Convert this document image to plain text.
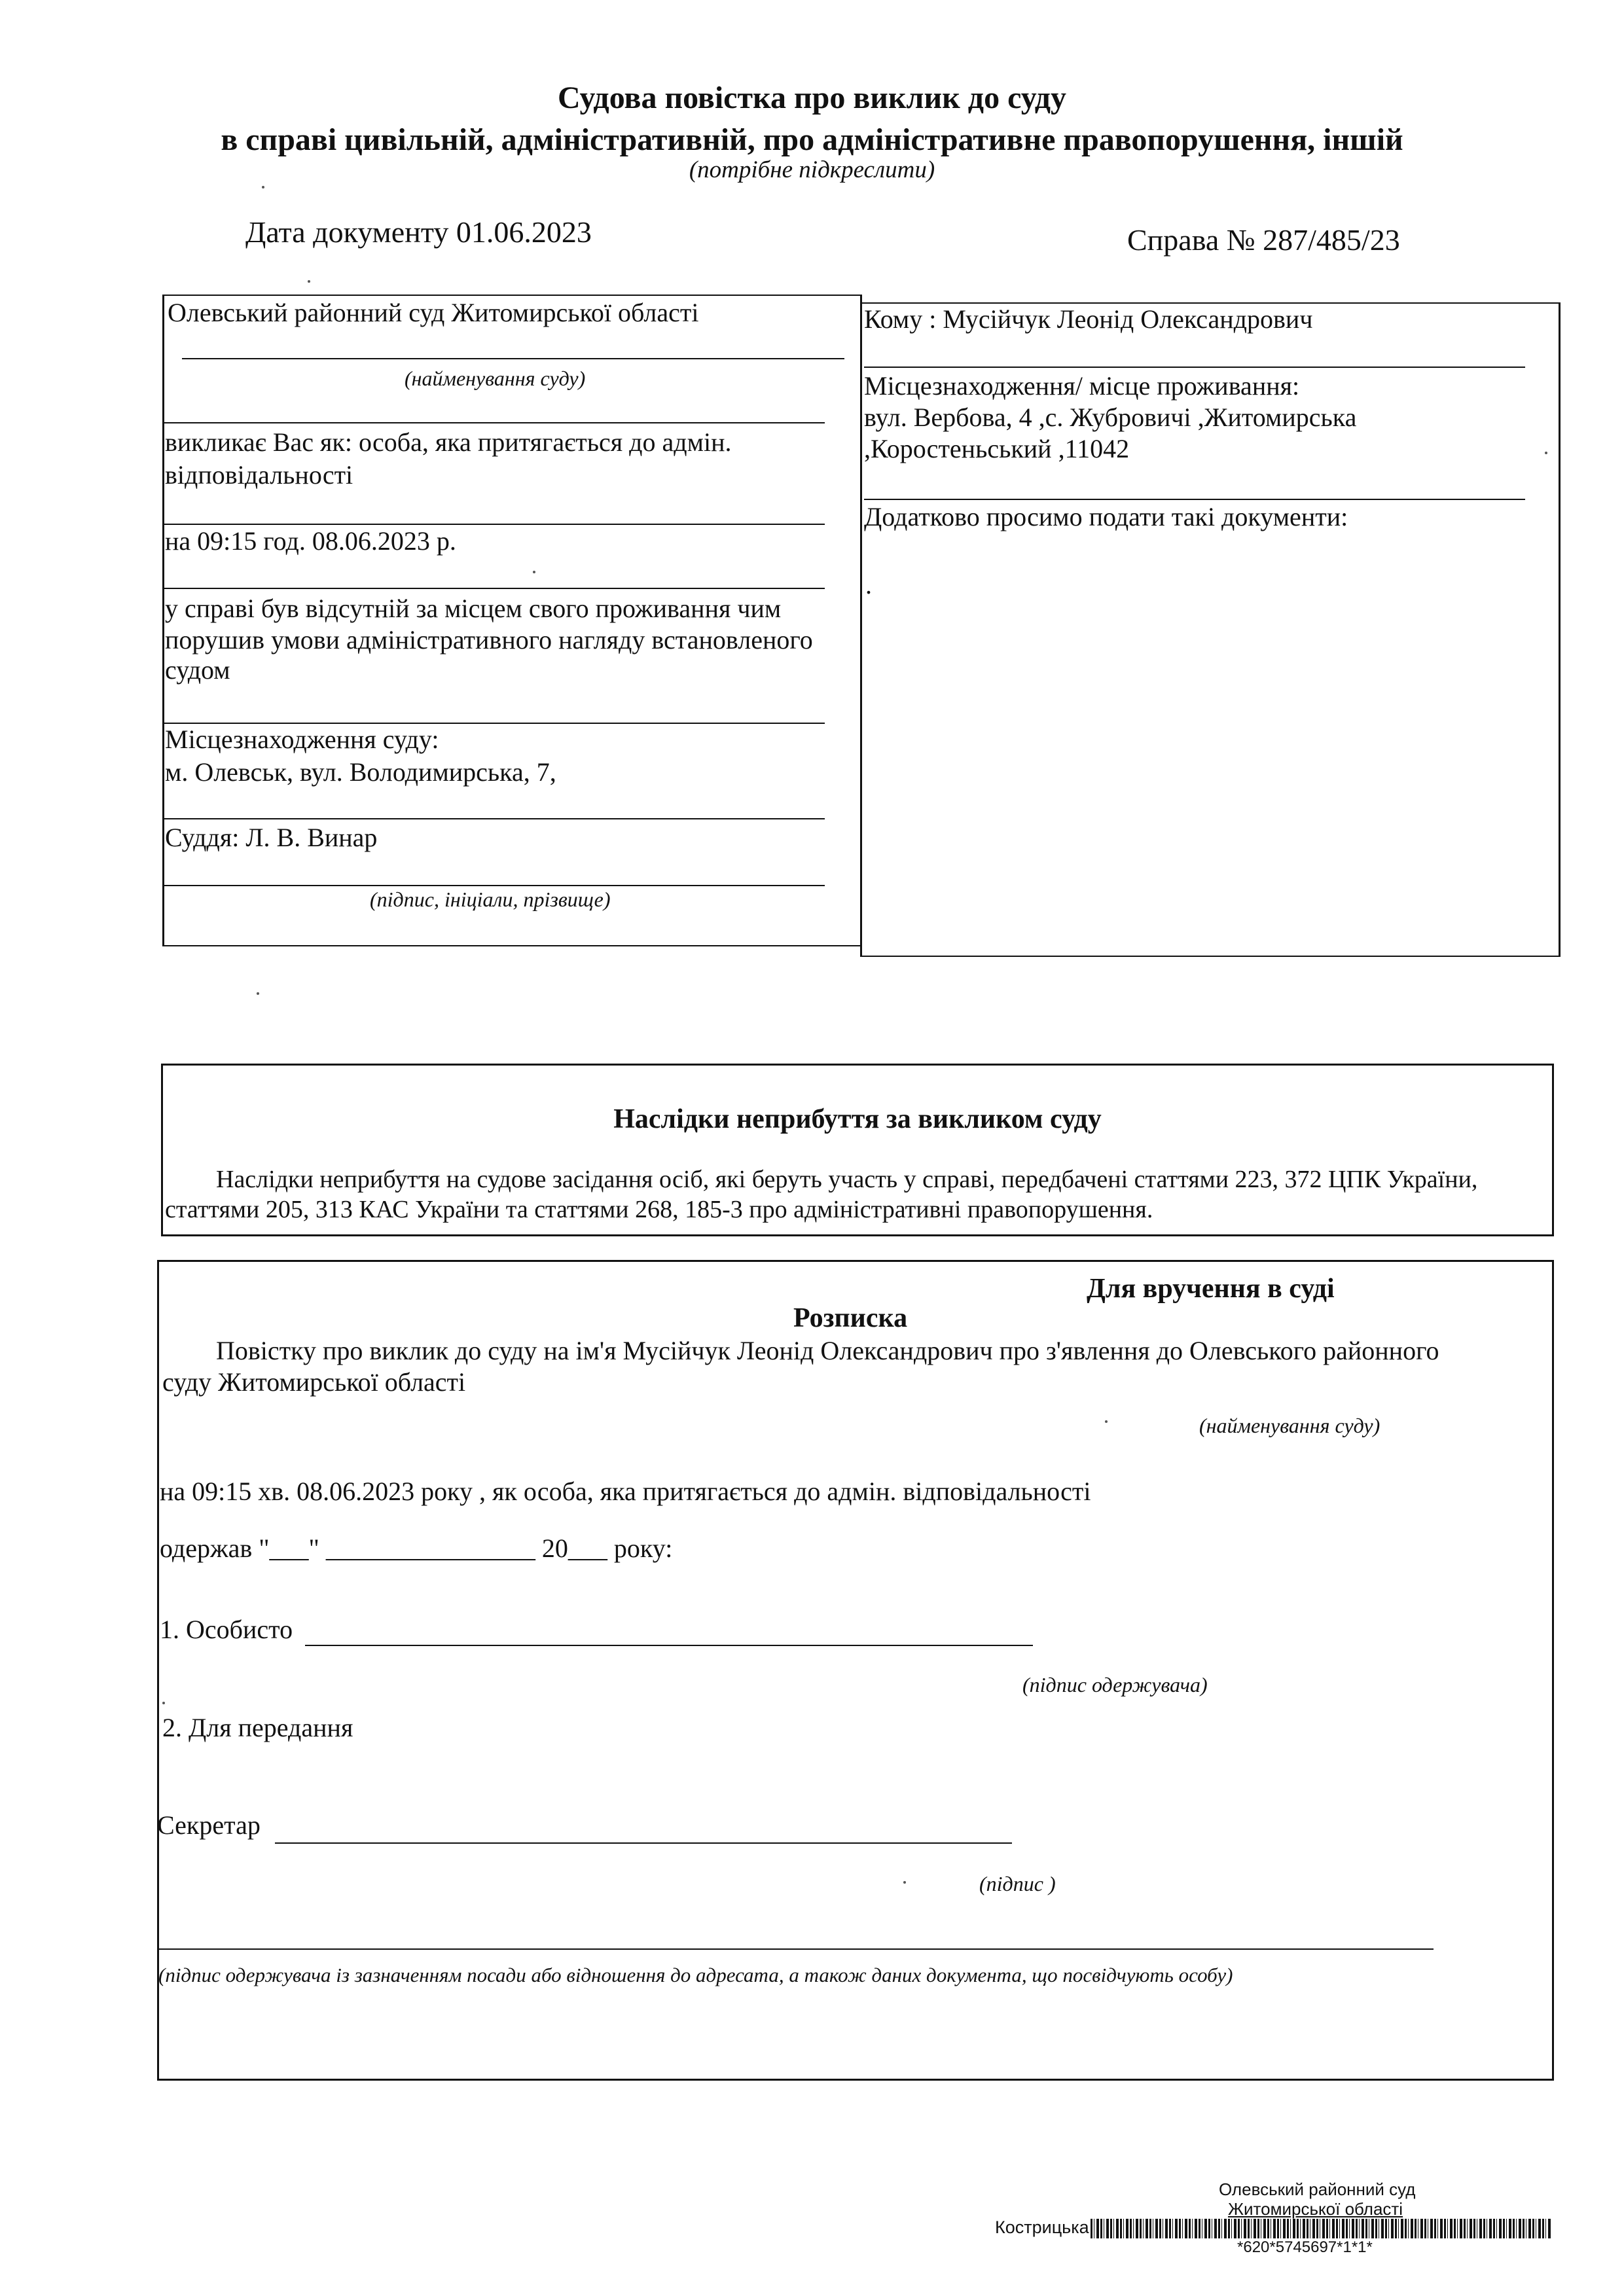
Судова повістка про виклик до суду
в справі цивільній, адміністративній, про адміністративне правопорушення, іншій
(потрібне підкреслити)
Дата документу 01.06.2023	Справа № 287/485/23
Олевський районний суд Житомирської області
(найменування суду)
викликає Вас як: особа, яка притягається до адмін.
відповідальності
на 09:15 год. 08.06.2023 р.
у справі був відсутній за місцем свого проживання чим
порушив умови адміністративного нагляду встановленого
судом
Місцезнаходження суду:
м. Олевськ, вул. Володимирська, 7,
Суддя: Л. В. Винар
(підпис, ініціали, прізвище)
Кому : Мусійчук Леонід Олександрович
Місцезнаходження/ місце проживання:
вул. Вербова, 4 ,с. Жубровичі ,Житомирська
,Коростеньський ,11042
Додатково просимо подати такі документи:
.
Наслідки неприбуття за викликом суду
Наслідки неприбуття на судове засідання осіб, які беруть участь у справі, передбачені статтями 223, 372 ЦПК України,
статтями 205, 313 КАС України та статтями 268, 185-3 про адміністративні правопорушення.
Для вручення в суді
Розписка
Повістку про виклик до суду на ім'я Мусійчук Леонід Олександрович про з'явлення до Олевського районного
суду Житомирської області
(найменування суду)
на 09:15 хв. 08.06.2023 року , як особа, яка притягається до адмін. відповідальності
одержав "___" ________________ 20___ року:
1. Особисто
(підпис одержувача)
2. Для передання
Секретар
(підпис )
(підпис одержувача із зазначенням посади або відношення до адресата, а також даних документа, що посвідчують особу)
Олевський районний суд
Житомирської області
Кострицька
*620*5745697*1*1*
